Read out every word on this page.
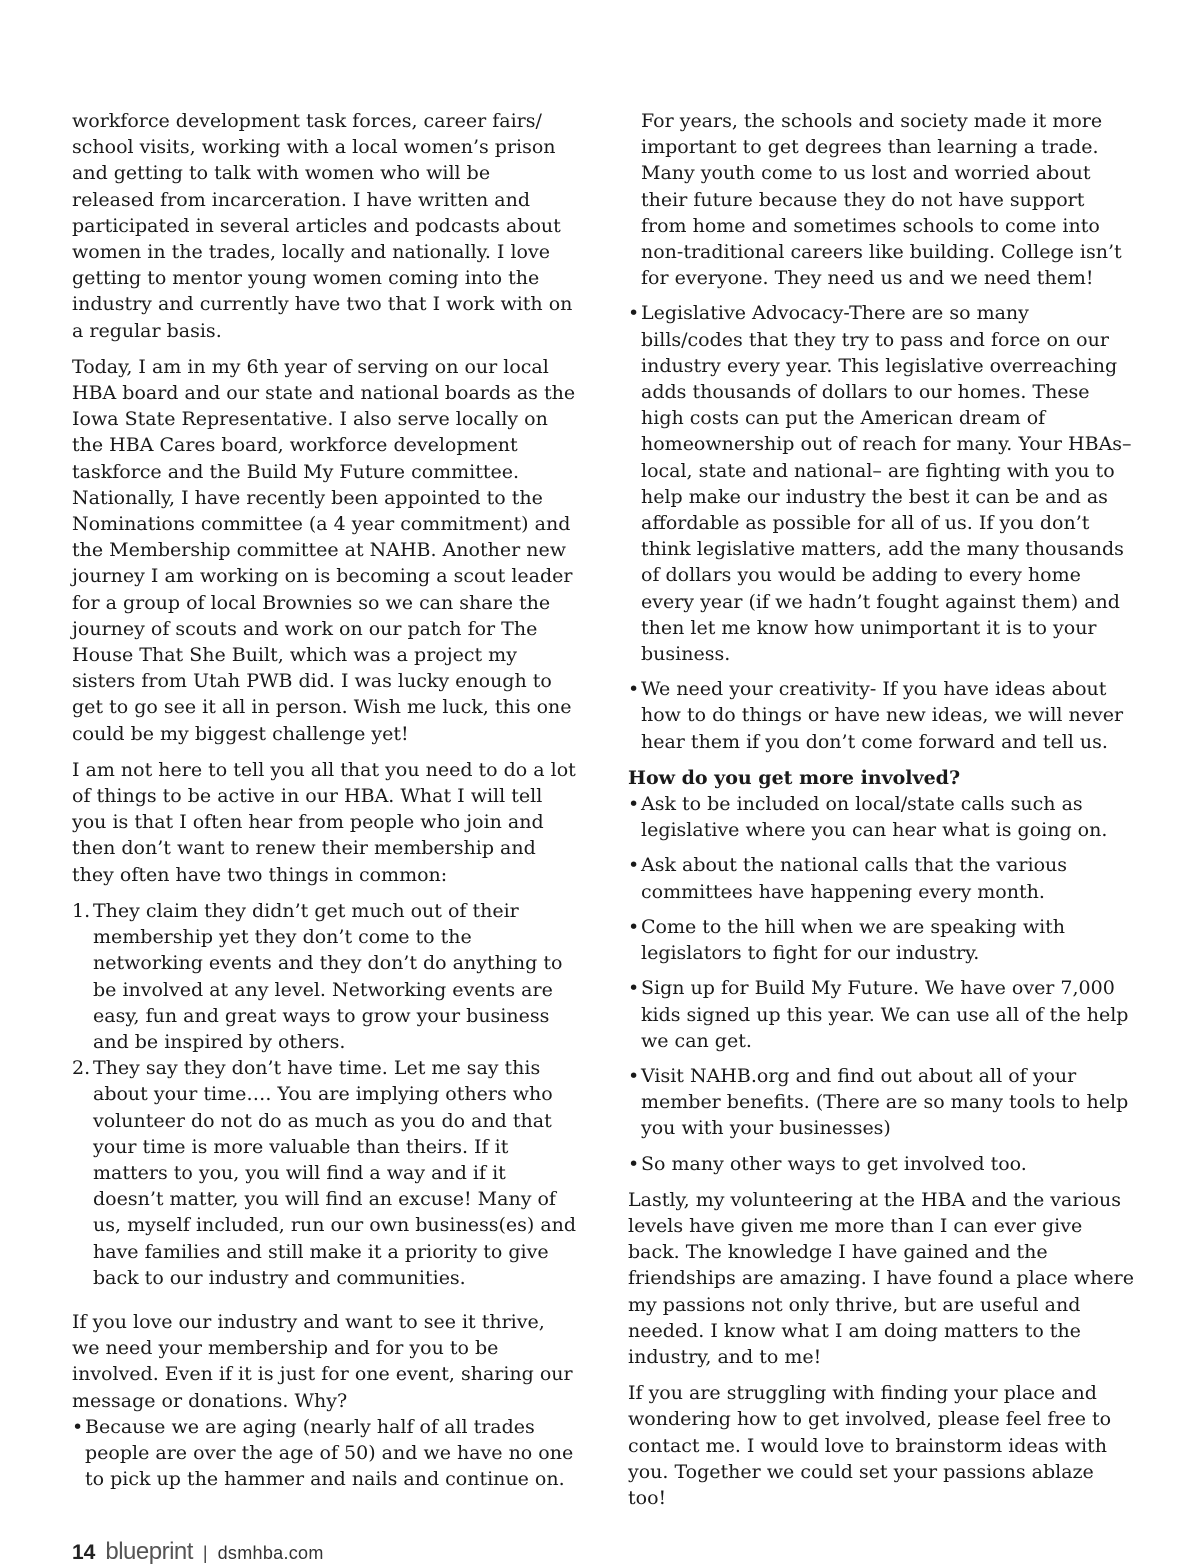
workforce development task forces, career fairs/ school visits, working with a local women’s prison and getting to talk with women who will be released from incarceration. I have written and participated in several articles and podcasts about women in the trades, locally and nationally. I love getting to mentor young women coming into the industry and currently have two that I work with on a regular basis.

Today, I am in my 6th year of serving on our local HBA board and our state and national boards as the Iowa State Representative. I also serve locally on the HBA Cares board, workforce development taskforce and the Build My Future committee. Nationally, I have recently been appointed to the Nominations committee (a 4 year commitment) and the Membership committee at NAHB. Another new journey I am working on is becoming a scout leader for a group of local Brownies so we can share the journey of scouts and work on our patch for The House That She Built, which was a project my sisters from Utah PWB did. I was lucky enough to get to go see it all in person. Wish me luck, this one could be my biggest challenge yet!

I am not here to tell you all that you need to do a lot of things to be active in our HBA. What I will tell you is that I often hear from people who join and then don’t want to renew their membership and they often have two things in common:

1. They claim they didn’t get much out of their membership yet they don’t come to the networking events and they don’t do anything to be involved at any level. Networking events are easy, fun and great ways to grow your business and be inspired by others.
2. They say they don’t have time. Let me say this about your time…. You are implying others who volunteer do not do as much as you do and that your time is more valuable than theirs. If it matters to you, you will find a way and if it doesn’t matter, you will find an excuse! Many of us, myself included, run our own business(es) and have families and still make it a priority to give back to our industry and communities.

If you love our industry and want to see it thrive, we need your membership and for you to be involved. Even if it is just for one event, sharing our message or donations. Why?

• Because we are aging (nearly half of all trades people are over the age of 50) and we have no one to pick up the hammer and nails and continue on.

For years, the schools and society made it more important to get degrees than learning a trade. Many youth come to us lost and worried about their future because they do not have support from home and sometimes schools to come into non-traditional careers like building. College isn’t for everyone. They need us and we need them!

• Legislative Advocacy-There are so many bills/codes that they try to pass and force on our industry every year. This legislative overreaching adds thousands of dollars to our homes. These high costs can put the American dream of homeownership out of reach for many. Your HBAs–local, state and national– are fighting with you to help make our industry the best it can be and as affordable as possible for all of us. If you don’t think legislative matters, add the many thousands of dollars you would be adding to every home every year (if we hadn’t fought against them) and then let me know how unimportant it is to your business.
• We need your creativity- If you have ideas about how to do things or have new ideas, we will never hear them if you don’t come forward and tell us.
How do you get more involved?
• Ask to be included on local/state calls such as legislative where you can hear what is going on.
• Ask about the national calls that the various committees have happening every month.
• Come to the hill when we are speaking with legislators to fight for our industry.
• Sign up for Build My Future. We have over 7,000 kids signed up this year. We can use all of the help we can get.
• Visit NAHB.org and find out about all of your member benefits. (There are so many tools to help you with your businesses)
• So many other ways to get involved too.

Lastly, my volunteering at the HBA and the various levels have given me more than I can ever give back. The knowledge I have gained and the friendships are amazing. I have found a place where my passions not only thrive, but are useful and needed. I know what I am doing matters to the industry, and to me!

If you are struggling with finding your place and wondering how to get involved, please feel free to contact me. I would love to brainstorm ideas with you. Together we could set your passions ablaze too!

14 blueprint | dsmhba.com
